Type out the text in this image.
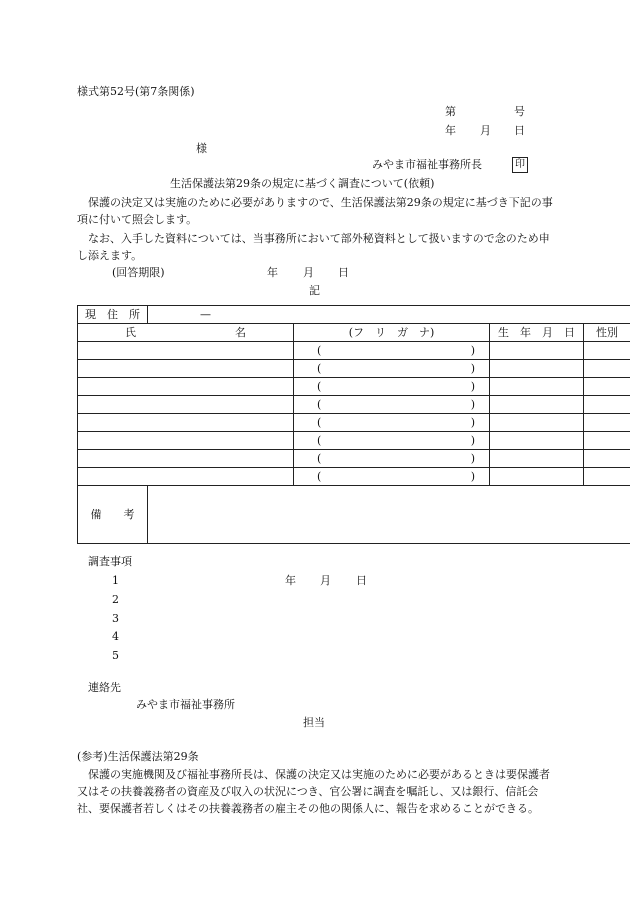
様式第52号(第7条関係)
第	号
年 月 日
様
みやま市福祉事務所長	印
生活保護法第29条の規定に基づく調査について(依頼)
保護の決定又は実施のために必要がありますので、生活保護法第29条の規定に基づき下記の事項に付いて照会します。
なお、入手した資料については、当事務所において部外秘資料として扱いますので念のため申し添えます。
(回答期限)	年 月 日
記
現　住　所	—			
氏　　　　　　　　　名		(フ　リ　ガ　ナ)	生　年　月　日	性別

		( )		

		( )		

		( )		

		( )		

		( )		

		( )		

		( )		

		( )		

備　　考				
調査事項
1	年 月 日
2
3
4
5
連絡先
みやま市福祉事務所
担当
(参考)生活保護法第29条
保護の実施機関及び福祉事務所長は、保護の決定又は実施のために必要があるときは要保護者又はその扶養義務者の資産及び収入の状況につき、官公署に調査を嘱託し、又は銀行、信託会社、要保護者若しくはその扶養義務者の雇主その他の関係人に、報告を求めることができる。
